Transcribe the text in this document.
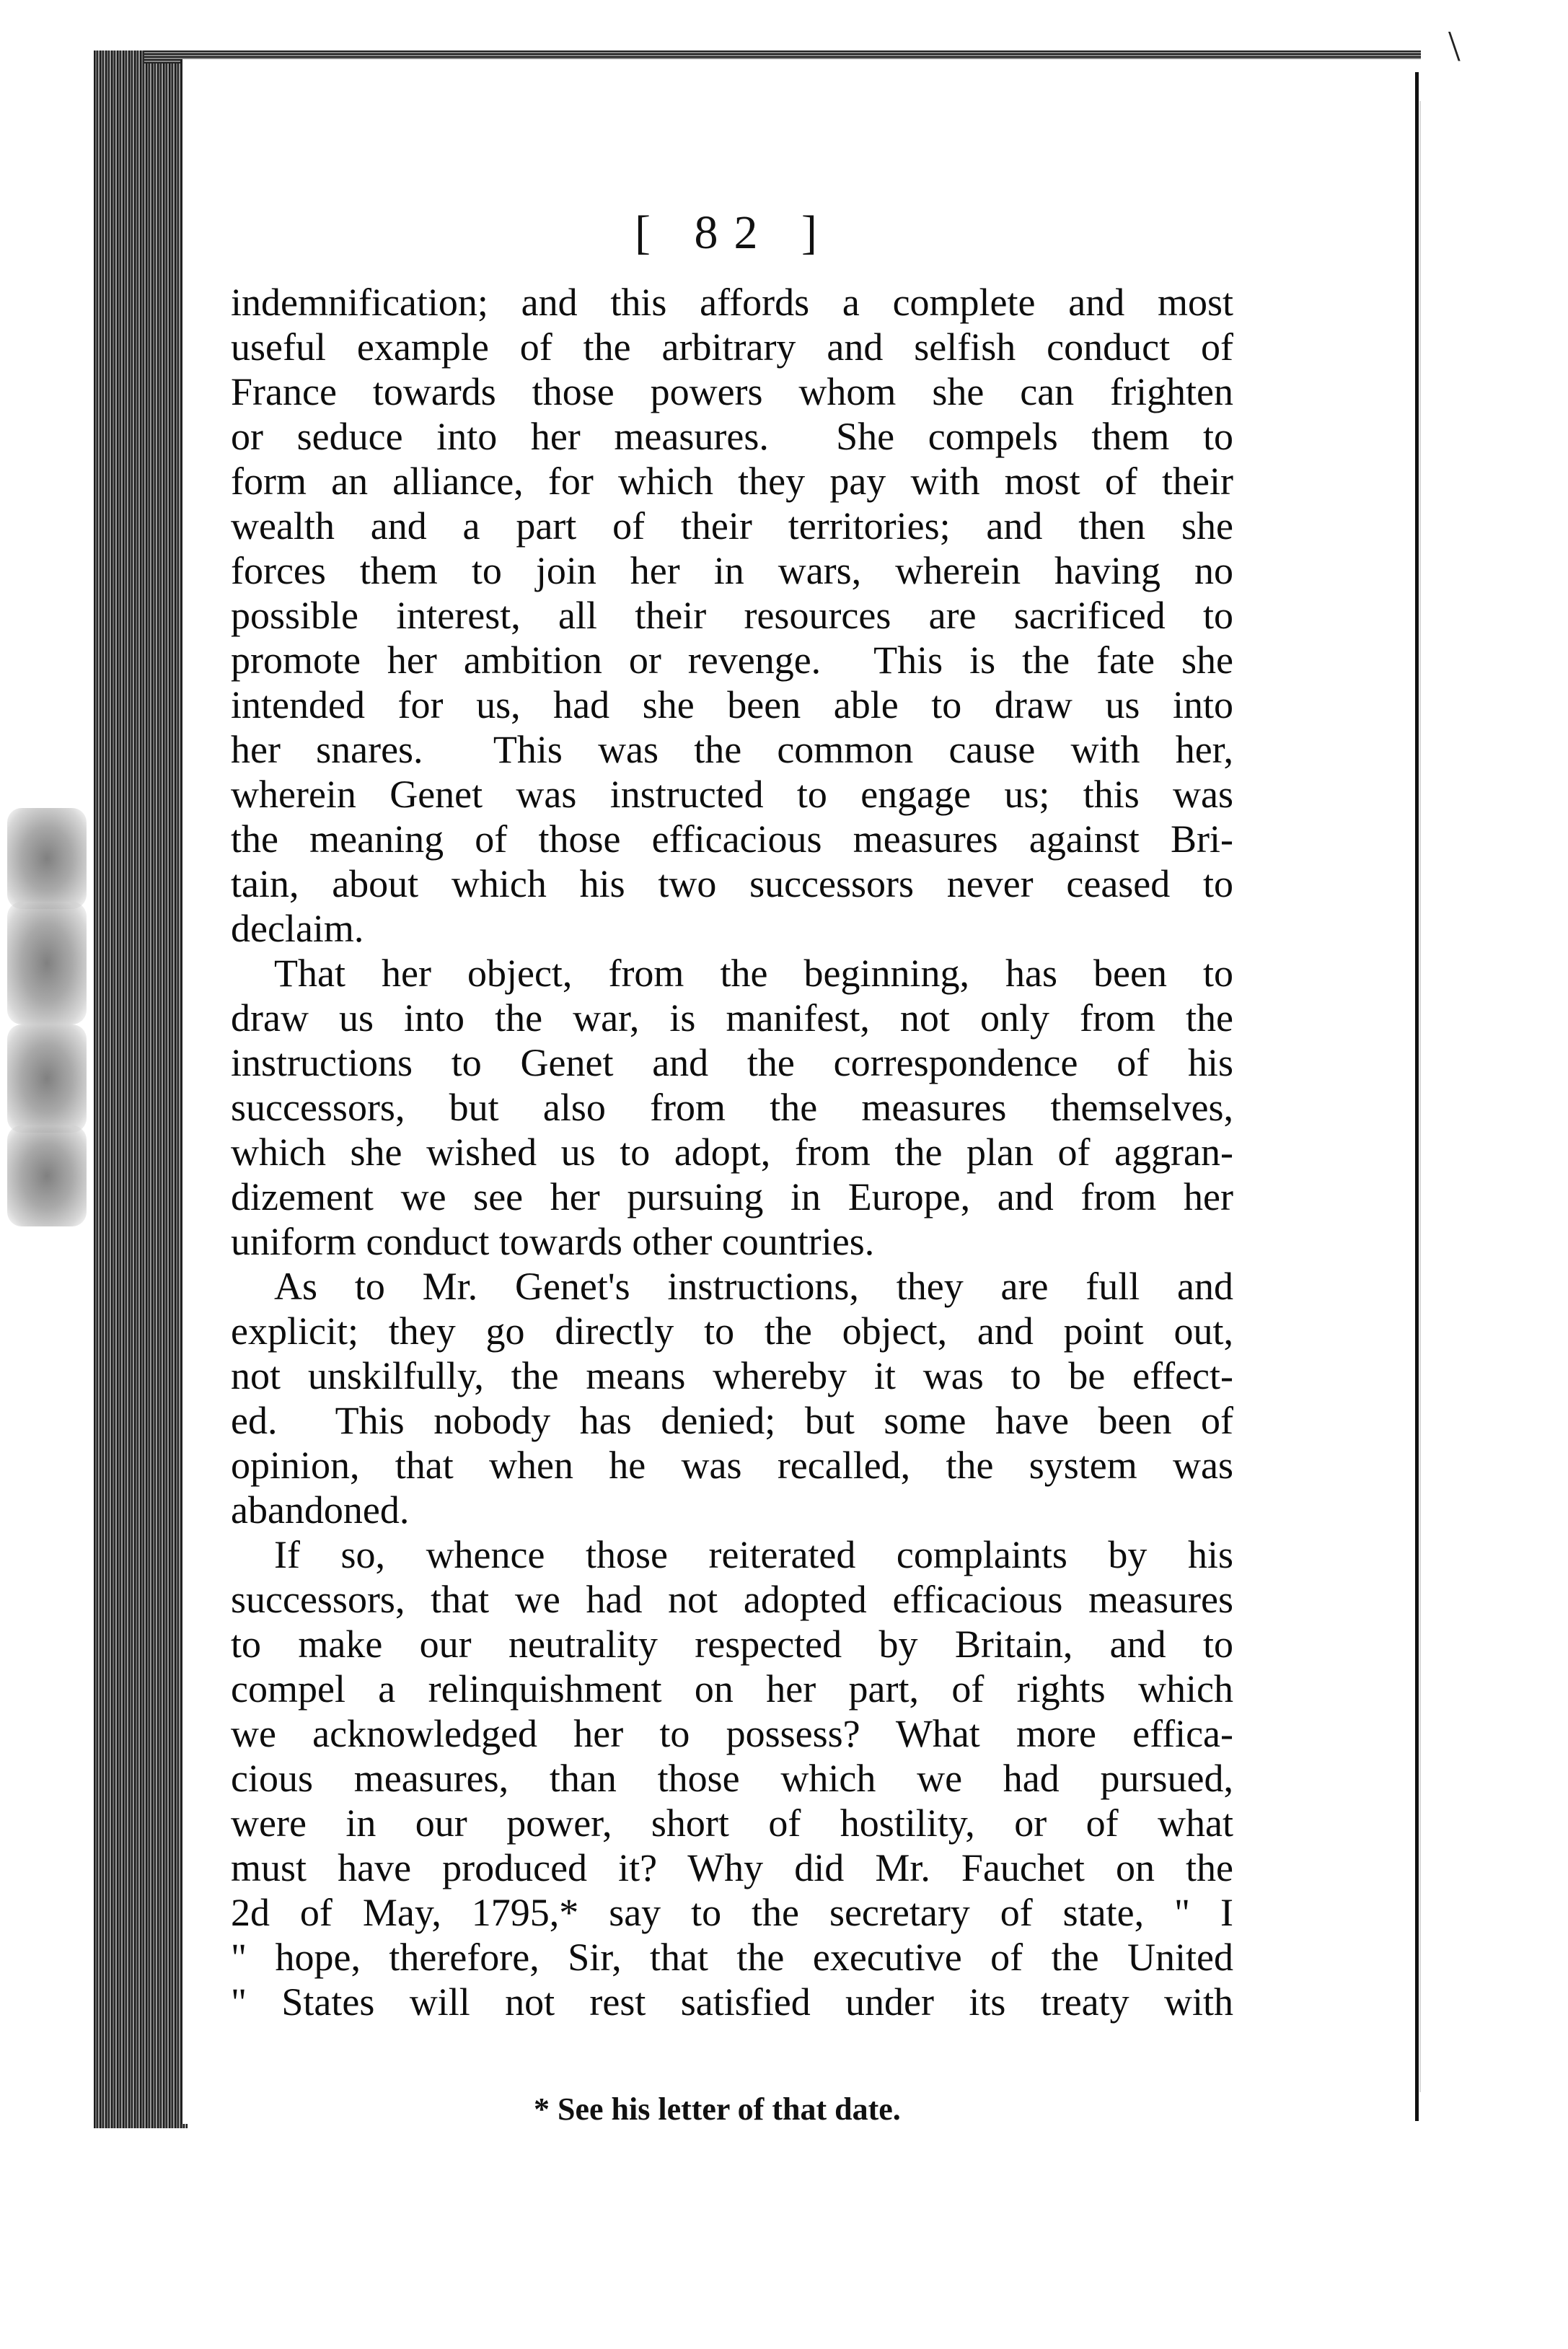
\
[ 82 ]
indemnification; and this affords a complete and most
useful example of the arbitrary and selfish conduct of
France towards those powers whom she can frighten
or seduce into her measures.  She compels them to
form an alliance, for which they pay with most of their
wealth and a part of their territories; and then she
forces them to join her in wars, wherein having no
possible interest, all their resources are sacrificed to
promote her ambition or revenge.  This is the fate she
intended for us, had she been able to draw us into
her snares.  This was the common cause with her,
wherein Genet was instructed to engage us; this was
the meaning of those efficacious measures against Bri-
tain, about which his two successors never ceased to
declaim.
That her object, from the beginning, has been to
draw us into the war, is manifest, not only from the
instructions to Genet and the correspondence of his
successors, but also from the measures themselves,
which she wished us to adopt, from the plan of aggran-
dizement we see her pursuing in Europe, and from her
uniform conduct towards other countries.
As to Mr. Genet's instructions, they are full and
explicit; they go directly to the object, and point out,
not unskilfully, the means whereby it was to be effect-
ed.  This nobody has denied; but some have been of
opinion, that when he was recalled, the system was
abandoned.
If so, whence those reiterated complaints by his
successors, that we had not adopted efficacious measures
to make our neutrality respected by Britain, and to
compel a relinquishment on her part, of rights which
we acknowledged her to possess? What more effica-
cious measures, than those which we had pursued,
were in our power, short of hostility, or of what
must have produced it? Why did Mr. Fauchet on the
2d of May, 1795,* say to the secretary of state, " I
" hope, therefore, Sir, that the executive of the United
" States will not rest satisfied under its treaty with
* See his letter of that date.
